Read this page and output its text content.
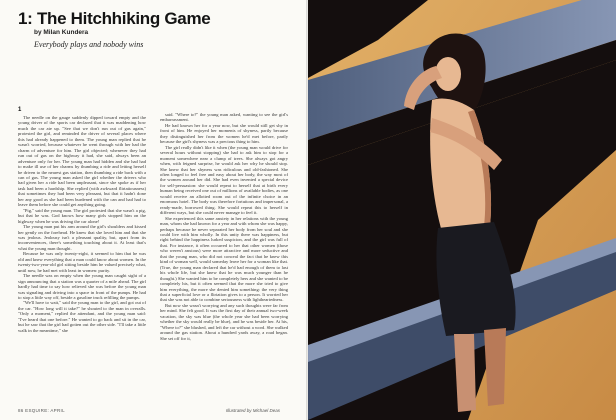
1: The Hitchhiking Game
by Milan Kundera
Everybody plays and nobody wins
1

The needle on the gauge suddenly dipped toward empty and the young driver of the sports car declared that it was maddening how much the car ate up. "See that we don't run out of gas again," protested the girl, and reminded the driver of several places where this had already happened to them. The young man replied that he wasn't worried, because whatever he went through with her had the charm of adventure for him. The girl objected; whenever they had run out of gas on the highway it had, she said, always been an adventure only for her. The young man had hidden and she had had to make ill use of her charms by thumbing a ride and letting herself be driven to the nearest gas station, then thumbing a ride back with a can of gas. The young man asked the girl whether the drivers who had given her a ride had been unpleasant, since she spoke as if her task had been a hardship. She replied (with awkward flirtatiousness) that sometimes they had been very pleasant, but that it hadn't done her any good as she had been burdened with the can and had had to leave them before she could get anything going.

"Pig," said the young man. The girl protested that she wasn't a pig, but that he was. God knows how many girls stopped him on the highway when he was driving the car alone!

The young man put his arm around the girl's shoulders and kissed her gently on the forehead. He knew that she loved him and that she was jealous. Jealousy isn't a pleasant quality, but, apart from its inconveniences, there's something touching about it. At least that's what the young man thought.

Because he was only twenty-eight, it seemed to him that he was old and knew everything that a man could know about women. In the twenty-two-year-old girl sitting beside him he valued precisely what, until now, he had met with least in women: purity.

The needle was on empty when the young man caught sight of a sign announcing that a station was a quarter of a mile ahead. The girl hardly had time to say how relieved she was before the young man was signaling and driving into a space in front of the pumps. He had to stop a little way off, beside a gasoline truck refilling the pumps.

"We'll have to wait," said the young man to the girl, and got out of the car. "How long will it take?" he shouted to the man in overalls. "Only a moment," replied the attendant, and the young man said: "I've heard that one before." He wanted to go back and sit in the car, but he saw that the girl had gotten out the other side. "I'll take a little walk in the meantime," she

said. "Where to?" the young man asked, wanting to see the girl's embarrassment.

He had known her for a year now, but she would still get shy in front of him. He enjoyed her moments of shyness, partly because they distinguished her from the women he'd met before, partly because the girl's shyness was a precious thing to him.

The girl really didn't like it when (the young man would drive for several hours without stopping) she had to ask him to stop for a moment somewhere near a clump of trees. She always got angry when, with feigned surprise, he would ask her why he should stop. She knew that her shyness was ridiculous and old-fashioned. She often longed to feel free and easy about her body, the way most of the women around her did. She had even invented a special device for self-persuasion: she would repeat to herself that at birth every human being received one out of millions of available bodies, as one would receive an allotted room out of the infinite choice in an enormous hotel. The body was therefore fortuitous and impersonal, a ready-made, borrowed thing. She would repeat this to herself in different ways, but she could never manage to feel it.

She experienced this same anxiety in her relations with the young man, whom she had known for a year and with whom she was happy, perhaps because he never separated her body from her soul and she could live with him wholly. In this unity there was happiness, but right behind the happiness lurked suspicion, and the girl was full of that. For instance, it often occurred to her that other women (those who weren't anxious) were more attractive and more seductive and that the young man, who did not conceal the fact that he knew this kind of woman well, would someday leave her for a woman like that. (True, the young man declared that he'd had enough of them to last his whole life, but she knew that he was much younger than he thought.) She wanted him to be completely hers and she wanted to be completely his, but it often seemed that the more she tried to give him everything, the more she denied him something: the very thing that a superficial love or a flirtation gives to a person. It worried her that she was not able to combine seriousness with lightheartedness.

But now she wasn't worrying and any such thoughts were far from her mind. She felt good. It was the first day of their annual two-week vacation, the sky was blue (the whole year she had been worrying whether the sky would really be blue), and he was beside her. At his, "Where to?" she blushed, and left the car without a word. She walked around the gas station. About a hundred yards away, a road began. She set off for it,

86 ESQUIRE: APRIL	Illustrated by Michael Deas
